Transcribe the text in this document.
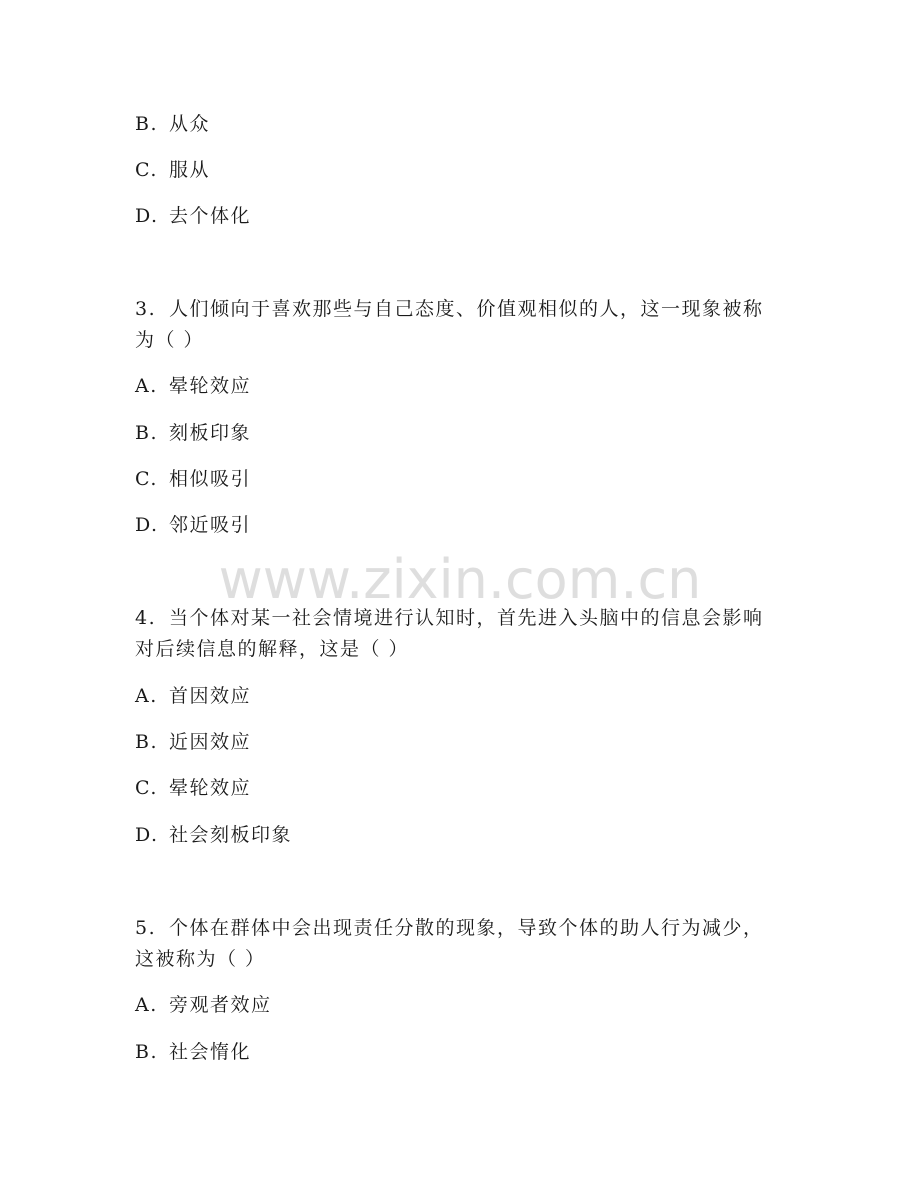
B. 从众
C. 服从
D. 去个体化
3. 人们倾向于喜欢那些与自己态度、价值观相似的人，这一现象被称
为（ ）
A. 晕轮效应
B. 刻板印象
C. 相似吸引
D. 邻近吸引
www.zixin.com.cn
4. 当个体对某一社会情境进行认知时，首先进入头脑中的信息会影响
对后续信息的解释，这是（ ）
A. 首因效应
B. 近因效应
C. 晕轮效应
D. 社会刻板印象
5. 个体在群体中会出现责任分散的现象，导致个体的助人行为减少，
这被称为（ ）
A. 旁观者效应
B. 社会惰化
